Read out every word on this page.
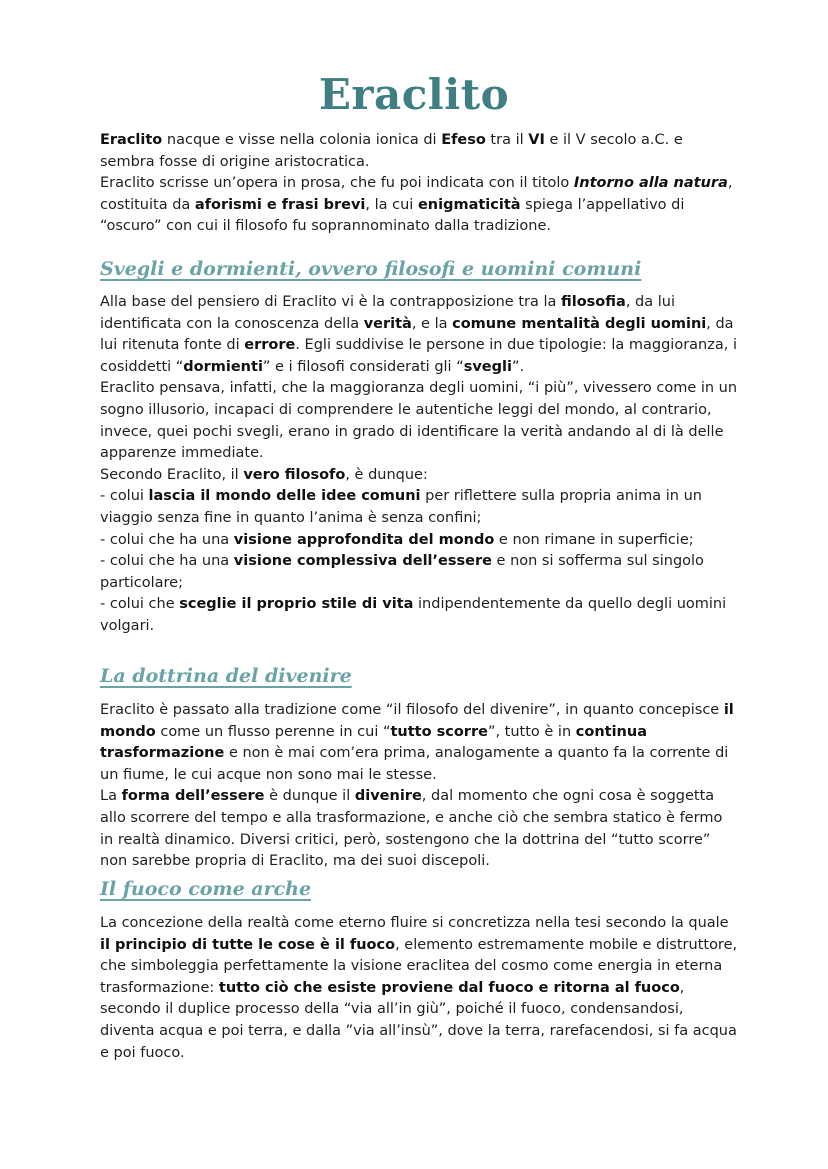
Eraclito

Eraclito nacque e visse nella colonia ionica di Efeso tra il VI e il V secolo a.C. e sembra fosse di origine aristocratica.

Eraclito scrisse un’opera in prosa, che fu poi indicata con il titolo Intorno alla natura, costituita da aforismi e frasi brevi, la cui enigmaticità spiega l’appellativo di “oscuro” con cui il filosofo fu soprannominato dalla tradizione.

Svegli e dormienti, ovvero filosofi e uomini comuni

Alla base del pensiero di Eraclito vi è la contrapposizione tra la filosofia, da lui identificata con la conoscenza della verità, e la comune mentalità degli uomini, da lui ritenuta fonte di errore. Egli suddivise le persone in due tipologie: la maggioranza, i cosiddetti “dormienti” e i filosofi considerati gli “svegli”.

Eraclito pensava, infatti, che la maggioranza degli uomini, “i più”, vivessero come in un sogno illusorio, incapaci di comprendere le autentiche leggi del mondo, al contrario, invece, quei pochi svegli, erano in grado di identificare la verità andando al di là delle apparenze immediate.

Secondo Eraclito, il vero filosofo, è dunque:

- colui lascia il mondo delle idee comuni per riflettere sulla propria anima in un viaggio senza fine in quanto l’anima è senza confini;

- colui che ha una visione approfondita del mondo e non rimane in superficie;

- colui che ha una visione complessiva dell’essere e non si sofferma sul singolo particolare;

- colui che sceglie il proprio stile di vita indipendentemente da quello degli uomini volgari.

La dottrina del divenire

Eraclito è passato alla tradizione come “il filosofo del divenire”, in quanto concepisce il mondo come un flusso perenne in cui “tutto scorre”, tutto è in continua trasformazione e non è mai com’era prima, analogamente a quanto fa la corrente di un fiume, le cui acque non sono mai le stesse.

La forma dell’essere è dunque il divenire, dal momento che ogni cosa è soggetta allo scorrere del tempo e alla trasformazione, e anche ciò che sembra statico è fermo in realtà dinamico. Diversi critici, però, sostengono che la dottrina del “tutto scorre” non sarebbe propria di Eraclito, ma dei suoi discepoli.

Il fuoco come arche

La concezione della realtà come eterno fluire si concretizza nella tesi secondo la quale il principio di tutte le cose è il fuoco, elemento estremamente mobile e distruttore, che simboleggia perfettamente la visione eraclitea del cosmo come energia in eterna trasformazione: tutto ciò che esiste proviene dal fuoco e ritorna al fuoco, secondo il duplice processo della “via all’in giù”, poiché il fuoco, condensandosi, diventa acqua e poi terra, e dalla ”via all’insù”, dove la terra, rarefacendosi, si fa acqua e poi fuoco.
